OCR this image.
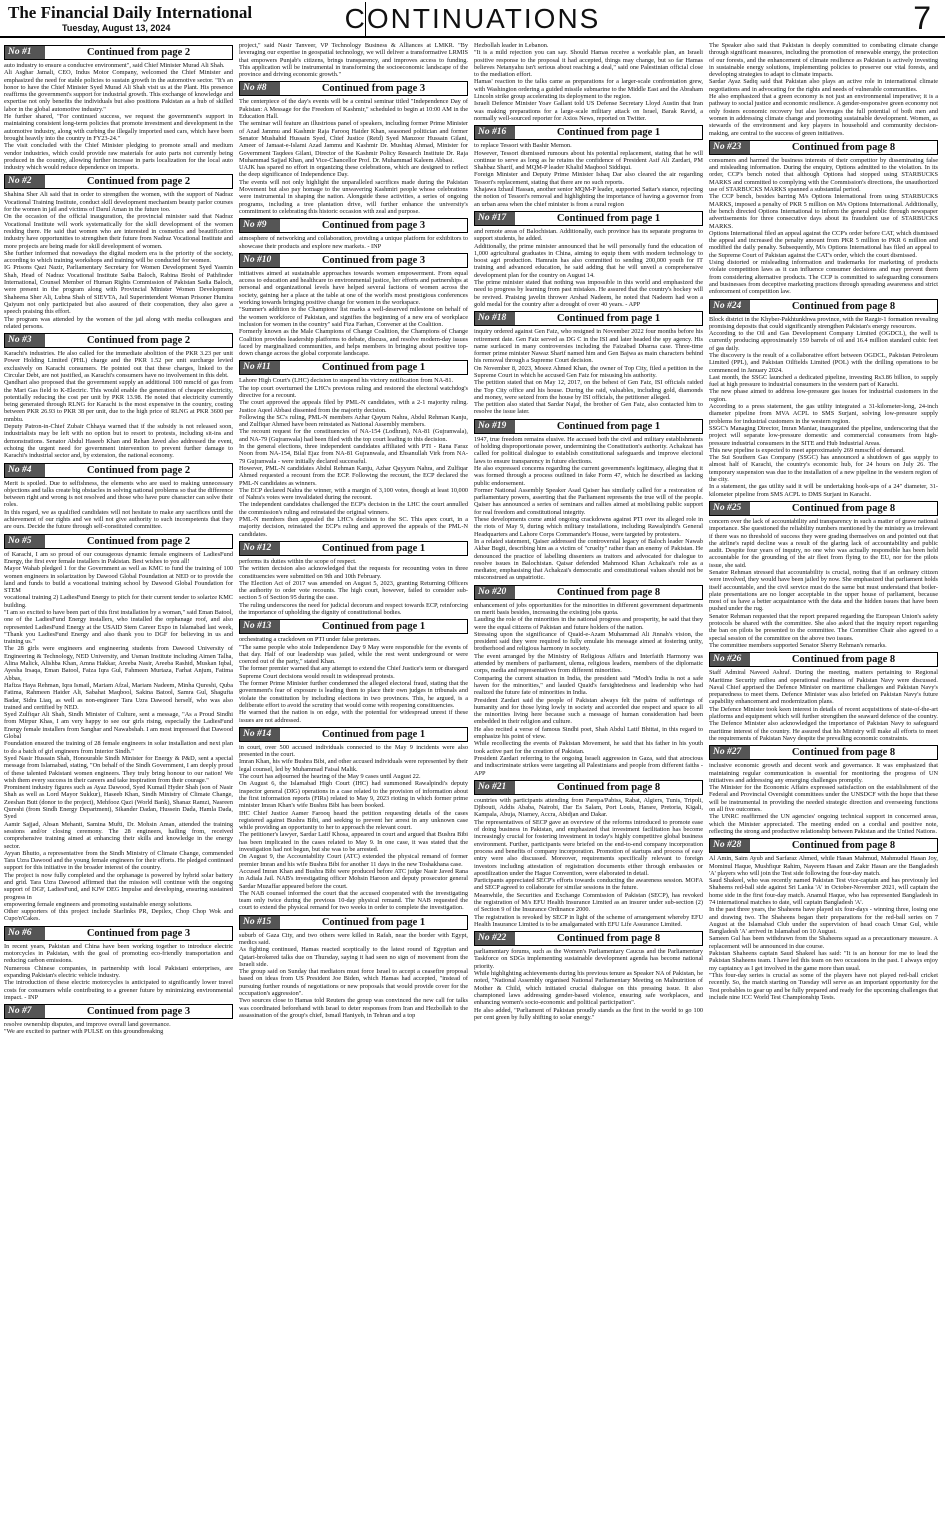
The Financial Daily International
Tuesday, August 13, 2024	CONTINUATIONS	7
No #1	Continued from page 2

auto industry to ensure a conducive environment", said Chief Minister Murad Ali Shah.

Ali Asghar Jamali, CEO, Indus Motor Company, welcomed the Chief Minister and emphasized the need for stable policies to sustain growth in the automotive sector. "It's an honor to have the Chief Minister Syed Murad Ali Shah visit us at the Plant. His presence reaffirms the government's support for industrial growth. This exchange of knowledge and expertise not only benefits the individuals but also positions Pakistan as a hub of skilled labor in the global automotive industry."

He further shared, "For continued success, we request the government's support in maintaining consistent long-term policies that promote investment and development in the automotive industry, along with curbing the illegally imported used cars, which have been brought heavily into the country in FY23-24."

The visit concluded with the Chief Minister pledging to promote small and medium vendor industries, which could provide raw materials for auto parts not currently being produced in the country, allowing further increase in parts localization for the local auto industry which would reduce dependence on imports.

No #2	Continued from page 2

Shahina Sher Ali said that in order to strengthen the women, with the support of Nadraz Vocational Training Institute, conduct skill development mechanism beauty parlor courses for the women in jail and victims of Darul Aman in the future too.

On the occasion of the official inauguration, the provincial minister said that Nadraz Vocational Institute will work systematically for the skill development of the women residing there. He said that women who are interested in cosmetics and beautification industry have opportunities to strengthen their future from Nadraz Vocational Institute and more projects are being made for skill development of women.

She further informed that nowadays the digital modern era is the priority of the society, according to which training workshops and training will be conducted for women.

IG Prisons Qazi Nazir, Parliamentary Secretary for Women Development Syed Yasmin Shah, Head of Nadraz Vocational Institute Saiba Baloch, Rabina Brohi of Pathfinder International, Counsel Member of Human Rights Commission of Pakistan Sadia Baloch, were present in the program along with Provincial Minister Women Development Shaheena Sher Ali, Lubna Shah of SIEVTA, Jail Superintendent Woman Prisoner Humira Qaiyum not only participated but also assured of their cooperation, they also gave a speech praising this effort.

The program was attended by the women of the jail along with media colleagues and related persons.

No #3	Continued from page 2

Karachi's industries. He also called for the immediate abolition of the PKR 3.23 per unit Power Holding Limited (PHL) charge and the PKR 1.52 per unit surcharge levied exclusively on Karachi consumers. He pointed out that these charges, linked to the Circular Debt, are not justified, as Karachi's consumers have no involvement in this debt.

Qandhari also proposed that the government supply an additional 100 mmcfd of gas from the Mari Gas field to K-Electric. This would enable the generation of cheaper electricity, potentially reducing the cost per unit by PKR 13.98. He noted that electricity currently being generated through RLNG for Karachi is the most expensive in the country, costing between PKR 26.93 to PKR 38 per unit, due to the high price of RLNG at PKR 3600 per mmbtu.

Deputy Patron-in-Chief Zubair Chhaya warned that if the subsidy is not released soon, industrialists may be left with no option but to resort to protests, including sit-ins and demonstrations. Senator Abdul Haseeb Khan and Rehan Javed also addressed the event, echoing the urgent need for government intervention to prevent further damage to Karachi's industrial sector and, by extension, the national economy.

No #4	Continued from page 2

Merit is spoiled. Due to selfishness, the elements who are used to making unnecessary objections and talks create big obstacles in solving national problems so that the difference between right and wrong is not resolved and those who have pure character can solve their roles.

In this regard, we as qualified candidates will not hesitate to make any sacrifices until the achievement of our rights and we will not give authority to such incompetents that they are ours. Decide the future through self-constituted committee.

No #5	Continued from page 2

of Karachi, I am so proud of our courageous dynamic female engineers of LadiesFund Energy, the first ever female installers in Pakistan. Best wishes to you all!

Mayor Wahab pledged 1 for the Government as well as KMC to fund the training of 100 women engineers in solarization by Dawood Global Foundation at NED or to provide the land and funds to build a vocational training school by Dawood Global Foundation for STEM

vocational training 2) LadiesFund Energy to pitch for their current tender to solarize KMC building.

"I am so excited to have been part of this first installation by a woman," said Eman Batool, one of the LadiesFund Energy installers, who installed the orphanage roof, and also represented LadiesFund Energy at the USAID Stem Career Expo in Islamabad last week, "Thank you LadiesFund Energy and also thank you to DGF for believing in us and training us."

The 28 girls were engineers and engineering students from Dawood University of Engineering & Technology, NED University, and Usman Institute including Aimen Talha, Alina Malick, Alishba Khan, Amna Hakkar, Areeba Nasir, Areeba Rashid, Muskan Iqbal, Ayesha Irsaqa, Eman Batool, Faiza Iqra Gul, Fahmeen Murtaza, Farhat Anjum, Fatima Abbas,

Hafiza Haya Rehman, Iqra Ismail, Mariam Afzal, Mariam Nadeem, Minha Qureshi, Quba Fatima, Rahmeen Haider Ali, Sabahat Maqbool, Sakina Batool, Samra Gul, Shagufta Badar, Sidra Liaq, as well as non-engineer Tara Uzra Dawood herself, who was also trained and certified by NED.

Syed Zulfiqar Ali Shah, Sindh Minister of Culture, sent a message, "As a Proud Sindhi from Mirpur Khas, I am very happy to see our girls rising, especially the LadiesFund Energy female installers from Sanghar and Nawabshah. I am most impressed that Dawood Global

Foundation ensured the training of 28 female engineers in solar installation and next plan to do a batch of girl engineers from Interior Sindh."

Syed Nasir Hussain Shah, Honourable Sindh Minister for Energy & P&D, sent a special message from Islamabad, stating, "On behalf of the Sindh Government, I am deeply proud of these talented Pakistani women engineers. They truly bring honour to our nation! We wish them every success in their careers and take inspiration from their courage."

Prominent industry figures such as Ayaz Dawood, Syed Kumail Hyder Shah (son of Nasir Shah as well as Lord Mayor Sukkur), Haseeb Khan, Sindh Ministry of Climate Change, Zeeshan Butt (donor to the project), Mehfooz Qazi (World Bank), Shanaz Ramzi, Nasreen Qureshi (from Sindh Energy Department), Sikander Dadan, Hussein Dada, Hamla Dada, Syed

Aamir Sajjad, Ahsan Mehanti, Samina Mufti, Dr. Mohsin Aman, attended the training sessions and/or closing ceremony. The 28 engineers, hailing from, received comprehensive training aimed at enhancing their skills and knowledge in the energy sector.

Ayyan Bhutto, a representative from the Sindh Ministry of Climate Change, commended Tara Uzra Dawood and the young female engineers for their efforts. He pledged continued support for this initiative in the broader interest of the country.

The project is now fully completed and the orphanage is powered by hybrid solar battery and grid. Tara Uzra Dawood affirmed that the mission will continue with the ongoing support of DGF, LadiesFund, and KJW DEG Impulse and developing, ensuring sustained progress in

empowering female engineers and promoting sustainable energy solutions.

Other supporters of this project include Starlinks PR, Depilex, Chop Chop Wok and Cupo'n'Cakes.

No #6	Continued from page 3

In recent years, Pakistan and China have been working together to introduce electric motorcycles in Pakistan, with the goal of promoting eco-friendly transportation and reducing carbon emissions.

Numerous Chinese companies, in partnership with local Pakistani enterprises, are expanding Pakistan's electric vehicle industry.

The introduction of these electric motorcycles is anticipated to significantly lower travel costs for consumers while contributing to a greener future by minimizing environmental impact. - INP

No #7	Continued from page 3

resolve ownership disputes, and improve overall land governance.

"We are excited to partner with PULSE on this groundbreaking

project," said Nasir Tanveer, VP Technology Business & Alliances at LMKR. "By leveraging our expertise in geospatial technology, we will deliver a transformative LRMIS that empowers Punjab's citizens, brings transparency, and improves access to funding. This application will be instrumental in transforming the socioeconomic landscape of the province and driving economic growth."

No #8	Continued from page 3

The centerpiece of the day's events will be a central seminar titled "Independence Day of Pakistan: A Message for the Freedom of Kashmir," scheduled to begin at 10:00 AM in the Education Hall.

The seminar will feature an illustrious panel of speakers, including former Prime Minister of Azad Jammu and Kashmir Raja Farooq Haider Khan, seasoned politician and former Senator Mushahid Hussain Syed, Chief Justice (Retd) Syed Manzoor Hussain Gilani, Ameer of Jamaat-e-Islami Azad Jammu and Kashmir Dr. Mushtaq Ahmad, Minister for Government Taqdees Gilani, Director of the Kashmir Policy Research Institute Dr. Raja Muhammad Sajjad Khan, and Vice-Chancellor Prof. Dr. Muhammad Kaleem Abbasi.

UAJK has spared no effort in organizing these celebrations, which are designed to reflect the deep significance of Independence Day.

The events will not only highlight the unparalleled sacrifices made during the Pakistan Movement but also pay homage to the unwavering Kashmiri people whose celebrations were instrumental in shaping the nation. Alongside these activities, a series of ongoing programs, including a tree plantation drive, will further enhance the university's commitment to celebrating this historic occasion with zeal and purpose.

No #9	Continued from page 3

atmosphere of networking and collaboration, providing a unique platform for exhibitors to showcase their products and explore new markets. - INP

No #10	Continued from page 3

initiatives aimed at sustainable approaches towards women empowerment. From equal access to education and healthcare to environmental justice, her efforts and partnerships at personal and organizational levels have helped several factions of women across the society, gaining her a place at the table at one of the world's most prestigious conferences working towards bringing positive change for women in the workspace.

"Summer's addition to the Champions' list marks a well-deserved milestone on behalf of the women workforce of Pakistan, and signifies the beginning of a new era of workplace inclusion for women in the country" said Fiza Farhan, Convener at the Coalition.

Formerly known as the Male Champions of Change Coalition, the Champions of Change Coalition provides leadership platforms to debate, discuss, and resolve modern-day issues faced by marginalized communities, and helps members in bringing about positive top-down change across the global corporate landscape.

No #11	Continued from page 1

Lahore High Court's (LHC) decision to suspend his victory notification from NA-81.

The top court overturned the LHC's previous ruling and restored the electoral watchdog's directive for a recount.

The court approved the appeals filed by PML-N candidates, with a 2-1 majority ruling. Justice Aqeel Abbasi dissented from the majority decision.

Following the SC's ruling, PML-N members Azhar Qayum Nahra, Abdul Rehman Kanju, and Zulfiqar Ahmed have been reinstated as National Assembly members.

The recount request for the constituencies of NA-154 (Lodhran), NA-81 (Gujranwala), and NA-79 (Gujranwala) had been filed with the top court leading to this decision.

In the general elections, three independent candidates affiliated with PTI - Rana Faraz Noon from NA-154, Bilal Ejaz from NA-81 Gujranwala, and Ehsanullah Virk from NA-79 Gujranwala - were initially declared successful.

However, PML-N candidates Abdul Rehman Kanju, Azhar Qayyum Nahra, and Zulfiqar Ahmed requested a recount from the ECP. Following the recount, the ECP declared the PML-N candidates as winners.

The ECP declared Nahra the winner, with a margin of 3,100 votes, though at least 10,000 of Nahra's votes were invalidated during the recount.

The independent candidates challenged the ECP's decision in the LHC the court annulled the commission's ruling and reinstated the original winners.

PML-N members then appealed the LHC's decision to the SC. This apex court, in a majority decision, reinstated the ECP's ruling and approved the appeals of the PML-N candidates.

No #12	Continued from page 1

performs its duties within the scope of respect.

The written decision also acknowledged that the requests for recounting votes in three constituencies were submitted on 9th and 10th February.

The Election Act of 2017 was amended on August 5, 2023, granting Returning Officers the authority to order vote recounts. The high court, however, failed to consider sub-section 5 of Section 95 during the case.

The ruling underscores the need for judicial decorum and respect towards ECP, reinforcing the importance of upholding the dignity of constitutional bodies.

No #13	Continued from page 1

orchestrating a crackdown on PTI under false pretenses.

"The same people who stole Independence Day 9 May were responsible for the events of that day. Half of our leadership was jailed, while the rest went underground or were coerced out of the party," stated Khan.

The former premier warned that any attempt to extend the Chief Justice's term or disregard Supreme Court decisions would result in widespread protests.

The former Prime Minister further condemned the alleged electoral fraud, stating that the government's fear of exposure is leading them to place their own judges in tribunals and violate the constitution by including elections in two provinces. This, he argued, is a deliberate effort to avoid the scrutiny that would come with reopening constituencies.

He warned that the nation is on edge, with the potential for widespread unrest if these issues are not addressed.

No #14	Continued from page 1

in court, over 500 accused individuals connected to the May 9 incidents were also presented in the court.

Imran Khan, his wife Bushra Bibi, and other accused individuals were represented by their legal counsel, led by Muhammad Faisal Malik.

The court has adjourned the hearing of the May 9 cases until August 22.

On August 6, the Islamabad High Court (IHC) had summoned Rawalpindi's deputy inspector general (DIG) operations in a case related to the provision of information about the first information reports (FIRs) related to May 9, 2023 rioting in which former prime minister Imran Khan's wife Bushra Bibi has been booked.

IHC Chief Justice Aamer Farooq heard the petition requesting details of the cases registered against Bushra Bibi, and seeking to prevent her arrest in any unknown case while providing an opportunity to her to approach the relevant court.

The petitioner's lawyer, Sardar Latif Khosa, appeared in court and argued that Bushra Bibi has been implicated in the cases related to May 9. In one case, it was stated that the investigation had not begun, but she was to be arrested.

On August 9, the Accountability Court (ATC) extended the physical remand of former premier Imran and his wife Bushra Bibi for another 11 days in the new Toshakhana case.

Accused Imran Khan and Bushra Bibi were produced before ATC judge Nasir Javed Rana in Adiala Jail. NAB's investigating officer Mohsin Haroon and deputy prosecutor general Sardar Muzaffar appeared before the court.

The NAB counsel informed the court that the accused cooperated with the investigating team only twice during the previous 10-day physical remand. The NAB requested the court to extend the physical remand for two weeks in order to complete the investigation.

No #15	Continued from page 1

suburb of Gaza City, and two others were killed in Rafah, near the border with Egypt, medics said.

As fighting continued, Hamas reacted sceptically to the latest round of Egyptian and Qatari-brokered talks due on Thursday, saying it had seen no sign of movement from the Israeli side.

The group said on Sunday that mediators must force Israel to accept a ceasefire proposal based on ideas from US President Joe Biden, which Hamas had accepted, "instead of pursuing further rounds of negotiations or new proposals that would provide cover for the occupation's aggression".

Two sources close to Hamas told Reuters the group was convinced the new call for talks was coordinated beforehand with Israel to deter responses from Iran and Hezbollah to the assassination of the group's chief, Ismail Haniyeh, in Tehran and a top

Hezbollah leader in Lebanon.

"It is a mild rejection you can say. Should Hamas receive a workable plan, an Israeli positive response to the proposal it had accepted, things may change, but so far Hamas believes Netanyahu isn't serious about reaching a deal," said one Palestinian official close to the mediation effort.

Hamas' reaction to the talks came as preparations for a larger-scale confrontation grew, with Washington ordering a guided missile submarine to the Middle East and the Abraham Lincoln strike group accelerating its deployment to the region.

Israeli Defence Minister Yoav Gallant told US Defense Secretary Lloyd Austin that Iran was making preparations for a large-scale military attack on Israel, Barak Ravid, a normally well-sourced reporter for Axios News, reported on Twitter.

No #16	Continued from page 1

to replace Tessori with Bashir Memon.

However, Tessori dismissed rumours about his potential replacement, stating that he will continue to serve as long as he retains the confidence of President Asif Ali Zardari, PM Shahbaz Sharif, and MQM-P leader Khalid Maqbool Siddiqui.

Foreign Minister and Deputy Prime Minister Ishaq Dar also cleared the air regarding Tessori's replacement, stating that there are no such reports.

Khajawa Izhaul Hassan, another senior MQM-P leader, supported Sattar's stance, rejecting the notion of Tessori's removal and highlighting the importance of having a governor from an urban area when the chief minister is from a rural region

No #17	Continued from page 1

and remote areas of Balochistan. Additionally, each province has its separate programs to support students, he added.

Additionally, the prime minister announced that he will personally fund the education of 1,000 agricultural graduates in China, aiming to equip them with modern technology to boost agri production. Hamrain has also committed to sending 200,000 youth for IT training and advanced education, he said adding that he will unveil a comprehensive development plan for the country on August 14.

The prime minister stated that nothing was impossible in this world and emphasized the need to progress by learning from past mistakes. He assured that the country's hockey will be revived. Praising javelin thrower Arshad Nadeem, he noted that Nadeem had won a gold medal for the country after a drought of over 40 years. - APP

No #18	Continued from page 1

inquiry ordered against Gen Faiz, who resigned in November 2022 four months before his retirement date. Gen Faiz served as DG C in the ISI and later headed the spy agency. His name surfaced in many controversies including the Faizabad Dharna case. Three-time former prime minister Nawaz Sharif named him and Gen Bajwa as main characters behind his removal through a Supreme Court decision.

On November 8, 2023, Moeez Ahmed Khan, the owner of Top City, filed a petition in the Supreme Court in which he accused Gen Faiz for misusing his authority.

The petition stated that on May 12, 2017, on the behest of Gen Faiz, ISI officials raided the Top City office and his house. During the raid, valuables, including gold, diamonds and money, were seized from the house by ISI officials, the petitioner alleged.

The petition also stated that Sardar Najaf, the brother of Gen Faiz, also contacted him to resolve the issue later.

No #19	Continued from page 1

1947, true freedom remains elusive. He accused both the civil and military establishments of holding disproportionate power, undermining the Constitution's authority. Achakzai has called for political dialogue to establish constitutional safeguards and improve electoral laws to ensure transparency in future elections.

He also expressed concerns regarding the current government's legitimacy, alleging that it was formed through a process outlined in fake Form 47, which he described as lacking public endorsement.

Former National Assembly Speaker Asad Qaiser has similarly called for a restoration of parliamentary powers, asserting that the Parliament represents the true will of the people. Qaiser has announced a series of seminars and rallies aimed at mobilising public support for real freedom and constitutional integrity.

These developments come amid ongoing crackdowns against PTI over its alleged role in the riots of May 9, during which military installations, including Rawalpindi's General Headquarters and Lahore Corps Commander's House, were targeted by protesters.

In a related statement, Qaiser addressed the controversial legacy of Baloch leader Nawab Akbar Bugti, describing him as a victim of "cruelty" rather than an enemy of Pakistan. He denounced the practice of labelling dissenters as traitors and advocated for dialogue to resolve issues in Balochistan. Qaisar defended Mahmood Khan Achakzai's role as a mediator, emphasising that Achakzai's democratic and constitutional values should not be misconstrued as unpatriotic.

No #20	Continued from page 8

enhancement of jobs opportunities for the minorities in different government departments on merit basis besides, increasing the existing jobs quota.

Lauding the role of the minorities in the national progress and prosperity, he said that they were the equal citizens of Pakistan and future holders of the nation.

Stressing upon the significance of Quaid-e-Azam Muhammad Ali Jinnah's vision, the president said they were required to fully emulate his message aimed at fostering unity, brotherhood and religious harmony in society.

The event arranged by the Ministry of Religious Affairs and Interfaith Harmony was attended by members of parliament, ulema, religious leaders, members of the diplomatic corps, media and representatives from different minorities.

Comparing the current situation in India, the president said "Modi's India is not a safe haven for the minorities," and lauded Quaid's farsightedness and leadership who had realized the future fate of minorities in India.

President Zardari said the people of Pakistan always felt the pains of sufferings of humanity and for those lying lowly in society and accorded due respect and space to all the minorities living here because such a message of human consideration had been embedded in their religion and culture.

He also recited a verse of famous Sindhi poet, Shah Abdul Latif Bhittai, in this regard to emphasize his point of view.

While recollecting the events of Pakistan Movement, he said that his father in his youth took active part for the creation of Pakistan.

President Zardari referring to the ongoing Israeli aggression in Gaza, said that atrocious and indiscriminate strikes were targeting all Palestinians and people from different faiths - APP

No #21	Continued from page 8

countries with participants attending from Parepa/Pabiss, Rabat, Algiers, Tunis, Tripoli, Djibouti, Addis Ababa, Nairobi, Dar Es Salam, Port Louis, Harare, Pretoria, Kigali, Kampala, Abuja, Niamey, Accra, Abidjan and Dakar.

The representatives of SECP gave an overview of the reforms introduced to promote ease of doing business in Pakistan, and emphasized that investment facilitation has become increasingly crucial for fostering investment in today's highly competitive global business environment. Further, participants were briefed on the end-to-end company incorporation process and benefits of company incorporation. Promotion of startups and process of easy entry were also discussed. Moreover, requirements specifically relevant to foreign investors including attestation of registration documents either through embassies or apostilization under the Hague Convention, were elaborated in detail.

Participants appreciated SECP's efforts towards conducting the awareness session. MOFA and SECP agreed to collaborate for similar sessions in the future.

Meanwhile, the Securities and Exchange Commission of Pakistan (SECP), has revoked the registration of M/s EFU Health Insurance Limited as an insurer under sub-section (2) of Section 9 of the Insurance Ordinance 2000.

The registration is revoked by SECP in light of the scheme of arrangement whereby EFU Health Insurance Limited is to be amalgamated with EFU Life Assurance Limited.

No #22	Continued from page 8

parliamentary forums, such as the Women's Parliamentary Caucus and the Parliamentary Taskforce on SDGs implementing sustainable development agenda has become national priority.

While highlighting achievements during his previous tenure as Speaker NA of Pakistan, he noted, "National Assembly organised National Parliamentary Meeting on Malnutrition of Mother & Child, which initiated crucial dialogue on this pressing issue. It also championed laws addressing gender-based violence, ensuring safe workplaces, and enhancing women's socio-economic and political participation".

He also added, "Parliament of Pakistan proudly stands as the first in the world to go 100 per cent green by fully shifting to solar energy."

The Speaker also said that Pakistan is deeply committed to combating climate change through significant measures, including the promotion of renewable energy, the protection of our forests, and the enhancement of climate resilience as Pakistan is actively investing in sustainable energy solutions, implementing policies to preserve our vital forests, and developing strategies to adapt to climate impacts.

Sardar Ayaz Sadiq said that Pakistan also plays an active role in international climate negotiations and in advocating for the rights and needs of vulnerable communities.

He also emphasized that a green economy is not just an environmental imperative; it is a pathway to social justice and economic resilience. A gender-responsive green economy not only fosters economic recovery but also leverages the full potential of both men and women in addressing climate change and promoting sustainable development. Women, as stewards of the environment and key players in household and community decision-making, are central to the success of green initiatives.

No #23	Continued from page 8

consumers and harmed the business interests of their competitor by disseminating false and misleading information. During the enquiry, Options admitted to the violation. In its order, CCP's bench noted that although Options had stopped using STARBUCKS MARKS and committed to complying with the Commission's directions, the unauthorized use of STARBUCKS MARKS spanned a substantial period.

The CCP bench, besides barring M/s Options International from using STARBUCKS MARKS, imposed a penalty of PKR 5 million on M/s Options International. Additionally, the bench directed Options International to inform the general public through newspaper advertisements for three consecutive days about its fraudulent use of STARBUCKS MARKS.

Options International filed an appeal against the CCP's order before CAT, which dismissed the appeal and increased the penalty amount from PKR 5 million to PKR 6 million and modified the daily penalty. Subsequently, M/s Options International has filed an appeal to the Supreme Court of Pakistan against the CAT's order, which the court dismissed.

Using distorted or misleading information and trademarks for marketing of products violate competition laws as it can influence consumer decisions and may prevent them from considering alternative products. The CCP is committed to safeguarding consumers and businesses from deceptive marketing practices through spreading awareness and strict enforcement of competition law.

No #24	Continued from page 8

Block district in the Khyber-Pakhtunkhwa province, with the Razgir-1 formation revealing promising deposits that could significantly strengthen Pakistan's energy resources.

According to the Oil and Gas Development Company Limited (OGDCL), the well is currently producing approximately 159 barrels of oil and 16.4 million standard cubic feet of gas daily.

The discovery is the result of a collaborative effort between OGDCL, Pakistan Petroleum Limited (PPL), and Pakistan Oilfields Limited (POL) with the drilling operations to be commenced in January 2024.

Last month, the SSGC launched a dedicated pipeline, investing Rs3.86 billion, to supply fuel at high pressure to industrial consumers in the western part of Karachi.

The new phase aimed to address low-pressure gas issues for industrial customers in the region.

According to a press statement, the gas utility integrated a 31-kilometer-long, 24-inch diameter pipeline from MVA ACPL to SMS Surjani, solving low-pressure supply problems for industrial customers in the western region.

SSGC's Managing Director, Imran Maniar, inaugurated the pipeline, underscoring that the project will separate low-pressure domestic and commercial consumers from high-pressure industrial consumers in the SITE and Hub Industrial Areas.

This new pipeline is expected to meet approximately 269 mmscfd of demand.

The Sui Southern Gas Company (SSGC) has announced a shutdown of gas supply to almost half of Karachi, the country's economic hub, for 24 hours on July 26. The temporary suspension was due to the installation of a new pipeline in the western region of the city.

In a statement, the gas utility said it will be undertaking hook-ups of a 24" diameter, 31-kilometer pipeline from SMS ACPL to DMS Surjani in Karachi.

No #25	Continued from page 8

concern over the lack of accountability and transparency in such a matter of grave national importance. She questioned the reliability numbers mentioned by the ministry as irrelevant if there was no threshold of success they were grading themselves on and pointed out that the airline's rapid decline was a result of the glaring lack of accountability and public audit. Despite four years of inquiry, no one who was actually responsible has been held accountable for the grounding of the air fleet from flying to the EU, nor for the pilots issue, she said.

Senator Rehman stressed that accountability is crucial, noting that if an ordinary citizen were involved, they would have been jailed by now. She emphasized that parliament holds itself accountable, and the civil service must do the same but must understand that boiler-plate presentations are no longer acceptable in the upper house of parliament, because most of us have a better acquaintance with the data and the hidden issues that have been pushed under the rug.

Senator Rehman requested that the report prepared regarding the European Union's safety protocols be shared with the committee. She also asked that the inquiry report regarding the ban on pilots be presented to the committee. The Committee Chair also agreed to a special session of the committee on the above two issues.

The committee members supported Senator Sherry Rehman's remarks.

No #26	Continued from page 8

Staff Admiral Naveed Ashraf. During the meeting, matters pertaining to Regional Maritime Security milieu and operational readiness of Pakistan Navy were discussed. Naval Chief apprised the Defence Minister on maritime challenges and Pakistan Navy's preparedness to meet them. Defence Minister was also briefed on Pakistan Navy's future capability enhancement and modernization plans.

The Defence Minister took keen interest in details of recent acquisitions of state-of-the-art platforms and equipment which will further strengthen the seaward defence of the country. The Defence Minister also acknowledged the importance of Pakistan Navy to safeguard maritime interest of the country. He assured that his Ministry will make all efforts to meet the requirements of Pakistan Navy despite the prevailing economic constraints.

No #27	Continued from page 8

inclusive economic growth and decent work and governance. It was emphasized that maintaining regular communication is essential for monitoring the progress of UN initiatives and addressing any emerging challenges promptly.

The Minister for the Economic Affairs expressed satisfaction on the establishment of the Federal and Provincial Oversight committees under the UNSDCF with the hope that these will be instrumental in providing the needed strategic direction and overseeing functions on all five outcomes.

The UNRC reaffirmed the UN agencies' ongoing technical support in concerned areas, which the Minister appreciated. The meeting ended on a cordial and positive note, reflecting the strong and productive relationship between Pakistan and the United Nations.

No #28	Continued from page 8

Al Amin, Saim Ayub and Sarfaraz Ahmed, while Hasan Mahmud, Mahmudul Hasan Joy, Mominul Haque, Mushfiqur Rahim, Nayeem Hasan and Zakir Hasan are the Bangladesh 'A' players who will join the Test side following the four-day match.

Saud Shakeel, who was recently named Pakistan Test vice-captain and has previously led Shaheens red-ball side against Sri Lanka 'A' in October-November 2021, will captain the home side in the first four-day match. Anamul Haque, who has represented Bangladesh in 74 international matches to date, will captain Bangladesh 'A'.

In the past three years, the Shaheens have played six four-days - winning three, losing one and drawing two. The Shaheens began their preparations for the red-ball series on 7 August at the Islamabad Club under the supervision of head coach Umar Gul, while Bangladesh 'A' arrived in Islamabad on 10 August.

Sameen Gul has been withdrawn from the Shaheens squad as a precautionary measure. A replacement will be announced in due course.

Pakistan Shaheens captain Saud Shakeel has said: "It is an honour for me to lead the Pakistan Shaheens team. I have led this team on two occasions in the past. I always enjoy my captaincy as I get involved in the game more than usual.

"This four-day series is crucial as some of the players have not played red-ball cricket recently. So, the match starting on Tuesday will serve as an important opportunity for the Test probables to gear up and be fully prepared and ready for the upcoming challenges that include nine ICC World Test Championship Tests.
